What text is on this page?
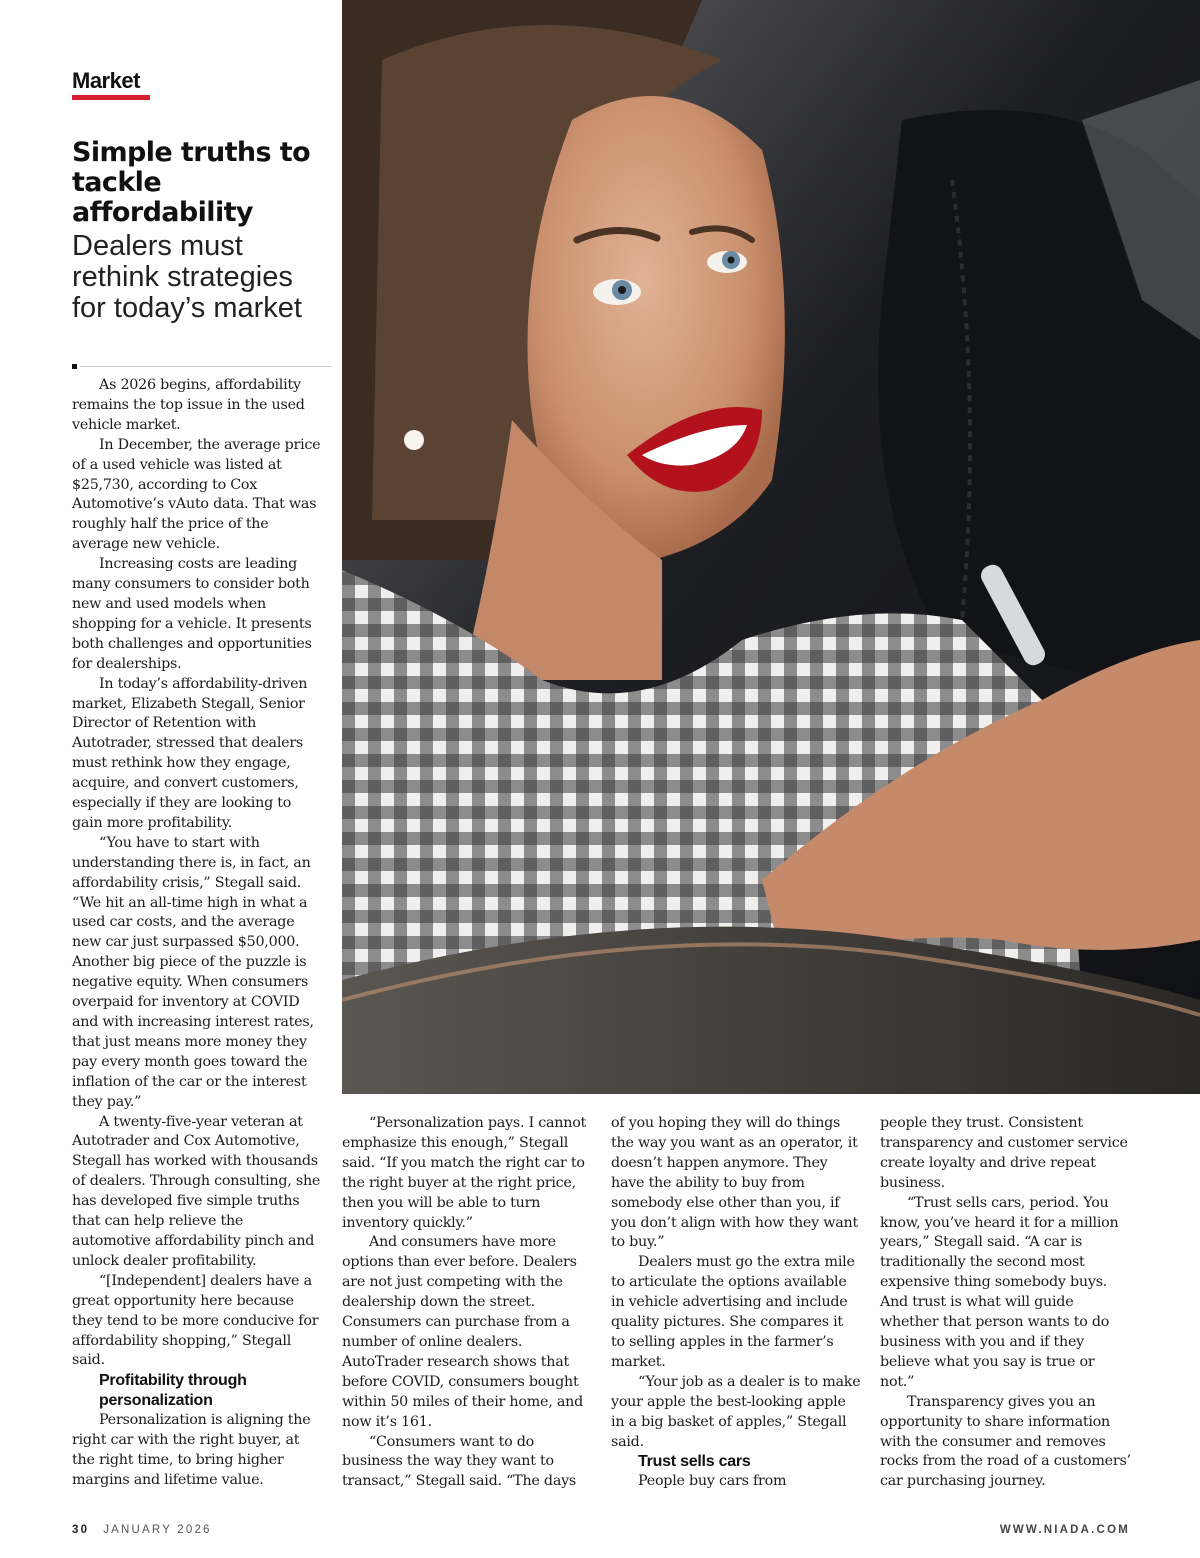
Market
Simple truths to tackle affordability
Dealers must rethink strategies for today’s market

As 2026 begins, affordability remains the top issue in the used vehicle market.

In December, the average price of a used vehicle was listed at $25,730, according to Cox Automotive’s vAuto data. That was roughly half the price of the average new vehicle.

Increasing costs are leading many consumers to consider both new and used models when shopping for a vehicle. It presents both challenges and opportunities for dealerships.

In today’s affordability-driven market, Elizabeth Stegall, Senior Director of Retention with Autotrader, stressed that dealers must rethink how they engage, acquire, and convert customers, especially if they are looking to gain more profitability.

“You have to start with understanding there is, in fact, an affordability crisis,” Stegall said. “We hit an all-time high in what a used car costs, and the average new car just surpassed $50,000. Another big piece of the puzzle is negative equity. When consumers overpaid for inventory at COVID and with increasing interest rates, that just means more money they pay every month goes toward the inflation of the car or the interest they pay.”

A twenty-five-year veteran at Autotrader and Cox Automotive, Stegall has worked with thousands of dealers. Through consulting, she has developed five simple truths that can help relieve the automotive affordability pinch and unlock dealer profitability.

“[Independent] dealers have a great opportunity here because they tend to be more conducive for affordability shopping,” Stegall said.

Profitability through personalization

Personalization is aligning the right car with the right buyer, at the right time, to bring higher margins and lifetime value.

“Personalization pays. I cannot emphasize this enough,” Stegall said. “If you match the right car to the right buyer at the right price, then you will be able to turn inventory quickly.”

And consumers have more options than ever before. Dealers are not just competing with the dealership down the street. Consumers can purchase from a number of online dealers. AutoTrader research shows that before COVID, consumers bought within 50 miles of their home, and now it’s 161.

“Consumers want to do business the way they want to transact,” Stegall said. “The days

of you hoping they will do things the way you want as an operator, it doesn’t happen anymore. They have the ability to buy from somebody else other than you, if you don’t align with how they want to buy.”

Dealers must go the extra mile to articulate the options available in vehicle advertising and include quality pictures. She compares it to selling apples in the farmer’s market.

“Your job as a dealer is to make your apple the best-looking apple in a big basket of apples,” Stegall said.

Trust sells cars

People buy cars from

people they trust. Consistent transparency and customer service create loyalty and drive repeat business.

“Trust sells cars, period. You know, you’ve heard it for a million years,” Stegall said. “A car is traditionally the second most expensive thing somebody buys. And trust is what will guide whether that person wants to do business with you and if they believe what you say is true or not.”

Transparency gives you an opportunity to share information with the consumer and removes rocks from the road of a customers’ car purchasing journey.

30 JANUARY 2026	WWW.NIADA.COM
